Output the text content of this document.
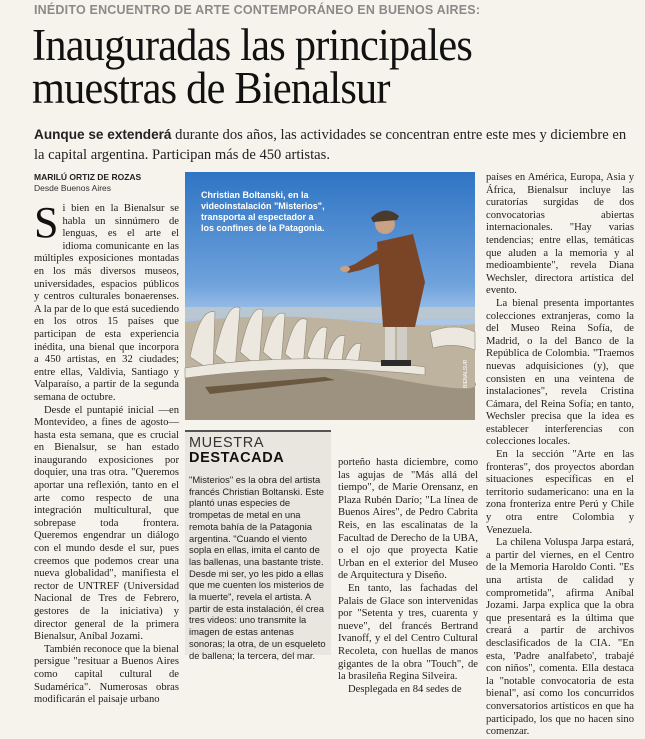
INÉDITO ENCUENTRO DE ARTE CONTEMPORÁNEO EN BUENOS AIRES:
Inauguradas las principales muestras de Bienalsur
Aunque se extenderá durante dos años, las actividades se concentran entre este mes y diciembre en la capital argentina. Participan más de 450 artistas.
MARILÚ ORTIZ DE ROZAS
Desde Buenos Aires

Si bien en la Bienalsur se habla un sinnúmero de lenguas, es el arte el idioma comunicante en las múltiples exposiciones montadas en los más diversos museos, universidades, espacios públicos y centros culturales bonaerenses. A la par de lo que está sucediendo en los otros 15 países que participan de esta experiencia inédita, una bienal que incorpora a 450 artistas, en 32 ciudades; entre ellas, Valdivia, Santiago y Valparaíso, a partir de la segunda semana de octubre.

Desde el puntapié inicial —en Montevideo, a fines de agosto— hasta esta semana, que es crucial en Bienalsur, se han estado inaugurando exposiciones por doquier, una tras otra. "Queremos aportar una reflexión, tanto en el arte como respecto de una integración multicultural, que sobrepase toda frontera. Queremos engendrar un diálogo con el mundo desde el sur, pues creemos que podemos crear una nueva globalidad", manifiesta el rector de UNTREF (Universidad Nacional de Tres de Febrero, gestores de la iniciativa) y director general de la primera Bienalsur, Aníbal Jozami.

También reconoce que la bienal persigue "resituar a Buenos Aires como capital cultural de Sudamérica". Numerosas obras modificarán el paisaje urbano

Christian Boltanski, en la videoinstalación "Misterios", transporta al espectador a los confines de la Patagonia.
BIENALSUR
MUESTRA
DESTACADA
"Misterios" es la obra del artista francés Christian Boltanski. Este plantó unas especies de trompetas de metal en una remota bahía de la Patagonia argentina. "Cuando el viento sopla en ellas, imita el canto de las ballenas, una bastante triste. Desde mi ser, yo les pido a ellas que me cuenten los misterios de la muerte", revela el artista. A partir de esta instalación, él crea tres videos: uno transmite la imagen de estas antenas sonoras; la otra, de un esqueleto de ballena; la tercera, del mar.

porteño hasta diciembre, como las agujas de "Más allá del tiempo", de Marie Orensanz, en Plaza Rubén Darío; "La línea de Buenos Aires", de Pedro Cabrita Reis, en las escalinatas de la Facultad de Derecho de la UBA, o el ojo que proyecta Katie Urban en el exterior del Museo de Arquitectura y Diseño.

En tanto, las fachadas del Palais de Glace son intervenidas por "Setenta y tres, cuarenta y nueve", del francés Bertrand Ivanoff, y el del Centro Cultural Recoleta, con huellas de manos gigantes de la obra "Touch", de la brasileña Regina Silveira.

Desplegada en 84 sedes de

países en América, Europa, Asia y África, Bienalsur incluye las curatorías surgidas de dos convocatorias abiertas internacionales. "Hay varias tendencias; entre ellas, temáticas que aluden a la memoria y al medioambiente", revela Diana Wechsler, directora artística del evento.

La bienal presenta importantes colecciones extranjeras, como la del Museo Reina Sofía, de Madrid, o la del Banco de la República de Colombia. "Traemos nuevas adquisiciones (y), que consisten en una veintena de instalaciones", revela Cristina Cámara, del Reina Sofía; en tanto, Wechsler precisa que la idea es establecer interferencias con colecciones locales.

En la sección "Arte en las fronteras", dos proyectos abordan situaciones específicas en el territorio sudamericano: una en la zona fronteriza entre Perú y Chile y otra entre Colombia y Venezuela.

La chilena Voluspa Jarpa estará, a partir del viernes, en el Centro de la Memoria Haroldo Conti. "Es una artista de calidad y comprometida", afirma Aníbal Jozami. Jarpa explica que la obra que presentará es la última que creará a partir de archivos desclasificados de la CIA. "En esta, 'Padre analfabeto', trabajé con niños", comenta. Ella destaca la "notable convocatoria de esta bienal", así como los concurridos conversatorios artísticos en que ha participado, los que no hacen sino comenzar.
